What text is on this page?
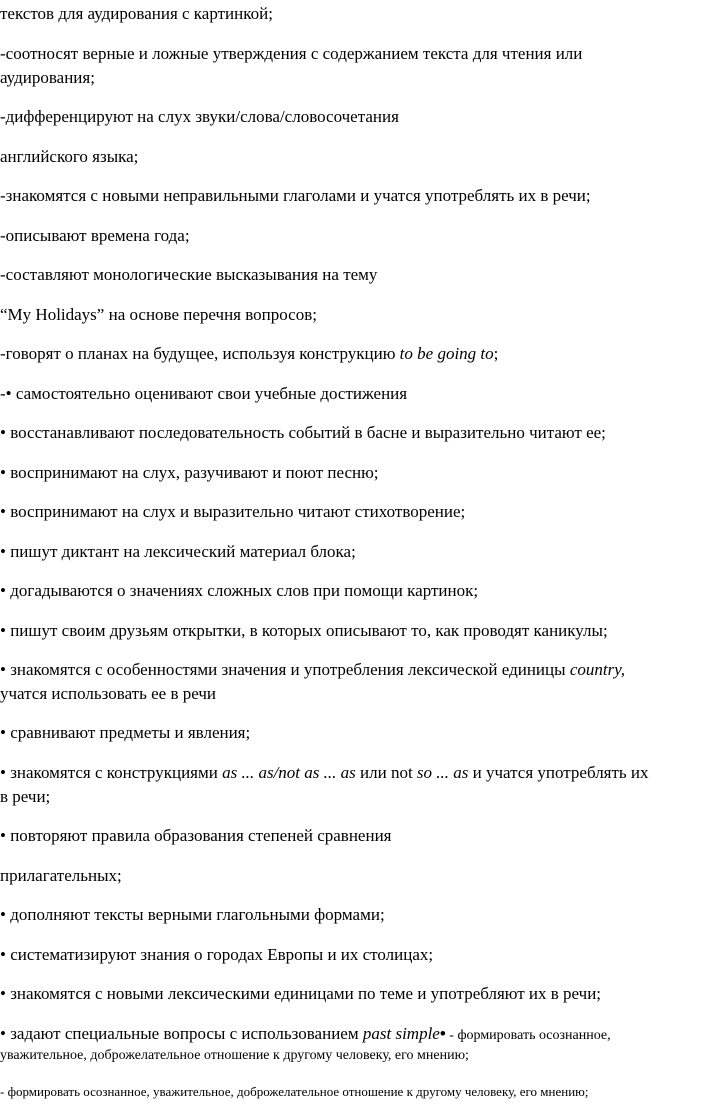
текстов для аудирования с картинкой;
-соотносят верные и ложные утверждения с содержанием текста для чтения или
аудирования;
-дифференцируют на слух звуки/слова/словосочетания
английского языка;
-знакомятся с новыми неправильными глаголами и учатся употреблять их в речи;
-описывают времена года;
-составляют монологические высказывания на тему
“My Holidays” на основе перечня вопросов;
-говорят о планах на будущее, используя конструкцию to be going to;
-• самостоятельно оценивают свои учебные достижения
• восстанавливают последовательность событий в басне и выразительно читают ее;
• воспринимают на слух, разучивают и поют песню;
• воспринимают на слух и выразительно читают стихотворение;
• пишут диктант на лексический материал блока;
• догадываются о значениях сложных слов при помощи картинок;
• пишут своим друзьям открытки, в которых описывают то, как проводят каникулы;
• знакомятся с особенностями значения и употребления лексической единицы country,
учатся использовать ее в речи
• сравнивают предметы и явления;
• знакомятся с конструкциями as ... as/not as ... as или not so ... as и учатся употреблять их
в речи;
• повторяют правила образования степеней сравнения
прилагательных;
• дополняют тексты верными глагольными формами;
• систематизируют знания о городах Европы и их столицах;
• знакомятся с новыми лексическими единицами по теме и употребляют их в речи;
• задают специальные вопросы с использованием past simple• - формировать осознанное,
уважительное, доброжелательное отношение к другому человеку, его мнению;
- формировать осознанное, уважительное, доброжелательное отношение к другому человеку, его мнению;
